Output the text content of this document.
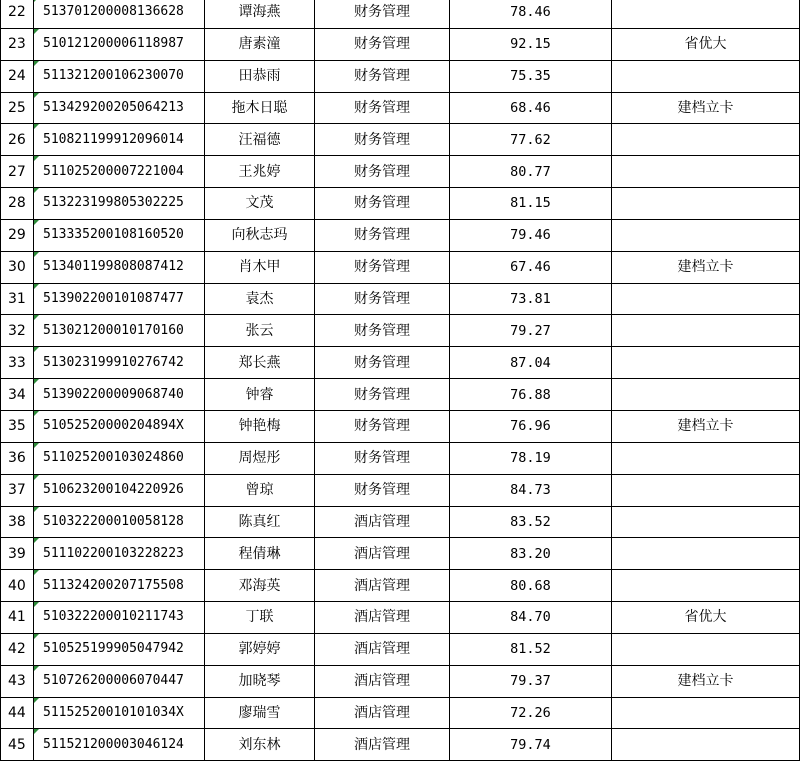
22	513701200008136628	谭海燕	财务管理	78.46	
23	510121200006118987	唐素潼	财务管理	92.15	省优大
24	511321200106230070	田恭雨	财务管理	75.35	
25	513429200205064213	拖木日聪	财务管理	68.46	建档立卡
26	510821199912096014	汪福德	财务管理	77.62	
27	511025200007221004	王兆婷	财务管理	80.77	
28	513223199805302225	文茂	财务管理	81.15	
29	513335200108160520	向秋志玛	财务管理	79.46	
30	513401199808087412	肖木甲	财务管理	67.46	建档立卡
31	513902200101087477	袁杰	财务管理	73.81	
32	513021200010170160	张云	财务管理	79.27	
33	513023199910276742	郑长燕	财务管理	87.04	
34	513902200009068740	钟睿	财务管理	76.88	
35	51052520000204894X	钟艳梅	财务管理	76.96	建档立卡
36	511025200103024860	周煜彤	财务管理	78.19	
37	510623200104220926	曾琼	财务管理	84.73	
38	510322200010058128	陈真红	酒店管理	83.52	
39	511102200103228223	程倩琳	酒店管理	83.20	
40	511324200207175508	邓海英	酒店管理	80.68	
41	510322200010211743	丁联	酒店管理	84.70	省优大
42	510525199905047942	郭婷婷	酒店管理	81.52	
43	510726200006070447	加晓琴	酒店管理	79.37	建档立卡
44	51152520010101034X	廖瑞雪	酒店管理	72.26	
45	511521200003046124	刘东林	酒店管理	79.74	
